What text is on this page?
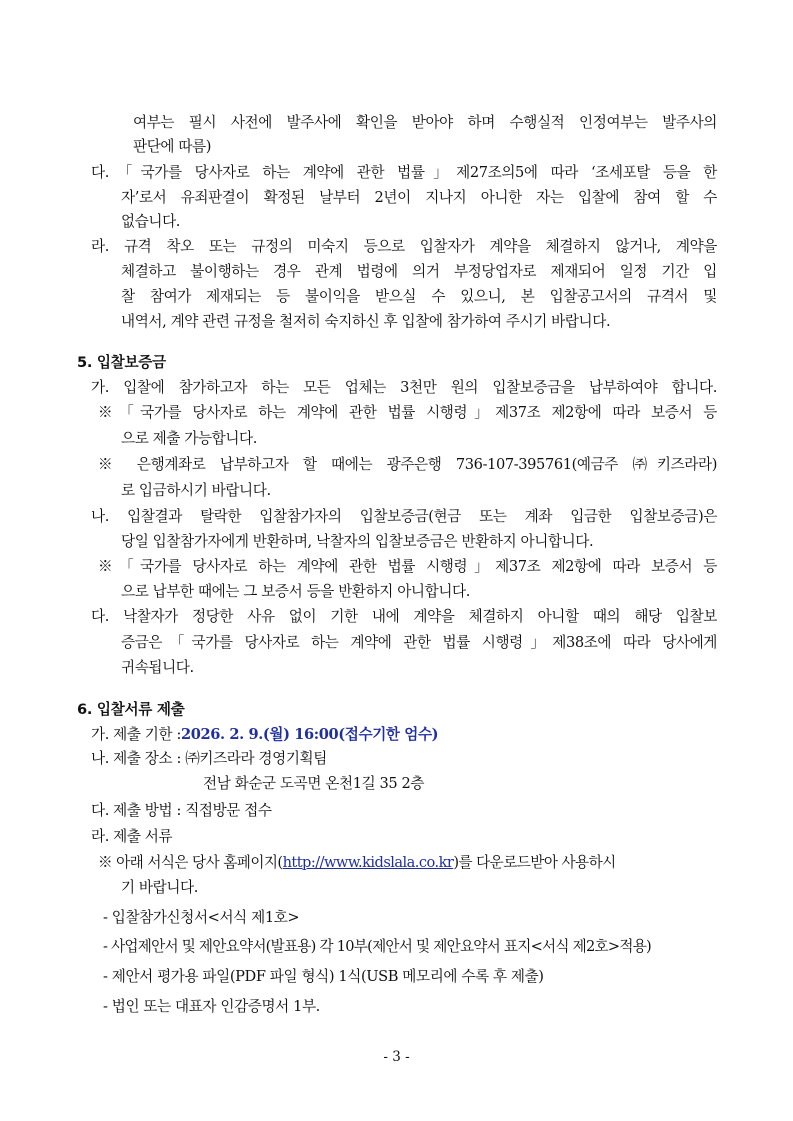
여부는 필시 사전에 발주사에 확인을 받아야 하며 수행실적 인정여부는 발주사의
판단에 따름)
다.「국가를 당사자로 하는 계약에 관한 법률」제27조의5에 따라 ‘조세포탈 등을 한
자’로서 유죄판결이 확정된 날부터 2년이 지나지 아니한 자는 입찰에 참여 할 수
없습니다.
라. 규격 착오 또는 규정의 미숙지 등으로 입찰자가 계약을 체결하지 않거나, 계약을
체결하고 불이행하는 경우 관계 법령에 의거 부정당업자로 제재되어 일정 기간 입
찰 참여가 제재되는 등 불이익을 받으실 수 있으니, 본 입찰공고서의 규격서 및
내역서, 계약 관련 규정을 철저히 숙지하신 후 입찰에 참가하여 주시기 바랍니다.
5. 입찰보증금
가. 입찰에 참가하고자 하는 모든 업체는 3천만 원의 입찰보증금을 납부하여야 합니다.
※「국가를 당사자로 하는 계약에 관한 법률 시행령」제37조 제2항에 따라 보증서 등
으로 제출 가능합니다.
※ 은행계좌로 납부하고자 할 때에는 광주은행 736-107-395761(예금주 ㈜키즈라라)
로 입금하시기 바랍니다.
나. 입찰결과 탈락한 입찰참가자의 입찰보증금(현금 또는 계좌 입금한 입찰보증금)은
당일 입찰참가자에게 반환하며, 낙찰자의 입찰보증금은 반환하지 아니합니다.
※「국가를 당사자로 하는 계약에 관한 법률 시행령」제37조 제2항에 따라 보증서 등
으로 납부한 때에는 그 보증서 등을 반환하지 아니합니다.
다. 낙찰자가 정당한 사유 없이 기한 내에 계약을 체결하지 아니할 때의 해당 입찰보
증금은「국가를 당사자로 하는 계약에 관한 법률 시행령」제38조에 따라 당사에게
귀속됩니다.
6. 입찰서류 제출
가. 제출 기한 :2026. 2. 9.(월) 16:00(접수기한 엄수)
나. 제출 장소 : ㈜키즈라라 경영기획팀
전남 화순군 도곡면 온천1길 35 2층
다. 제출 방법 : 직접방문 접수
라. 제출 서류
※ 아래 서식은 당사 홈페이지(http://www.kidslala.co.kr)를 다운로드받아 사용하시
기 바랍니다.
- 입찰참가신청서<서식 제1호>
- 사업제안서 및 제안요약서(발표용) 각 10부(제안서 및 제안요약서 표지<서식 제2호>적용)
- 제안서 평가용 파일(PDF 파일 형식) 1식(USB 메모리에 수록 후 제출)
- 법인 또는 대표자 인감증명서 1부.
- 3 -
